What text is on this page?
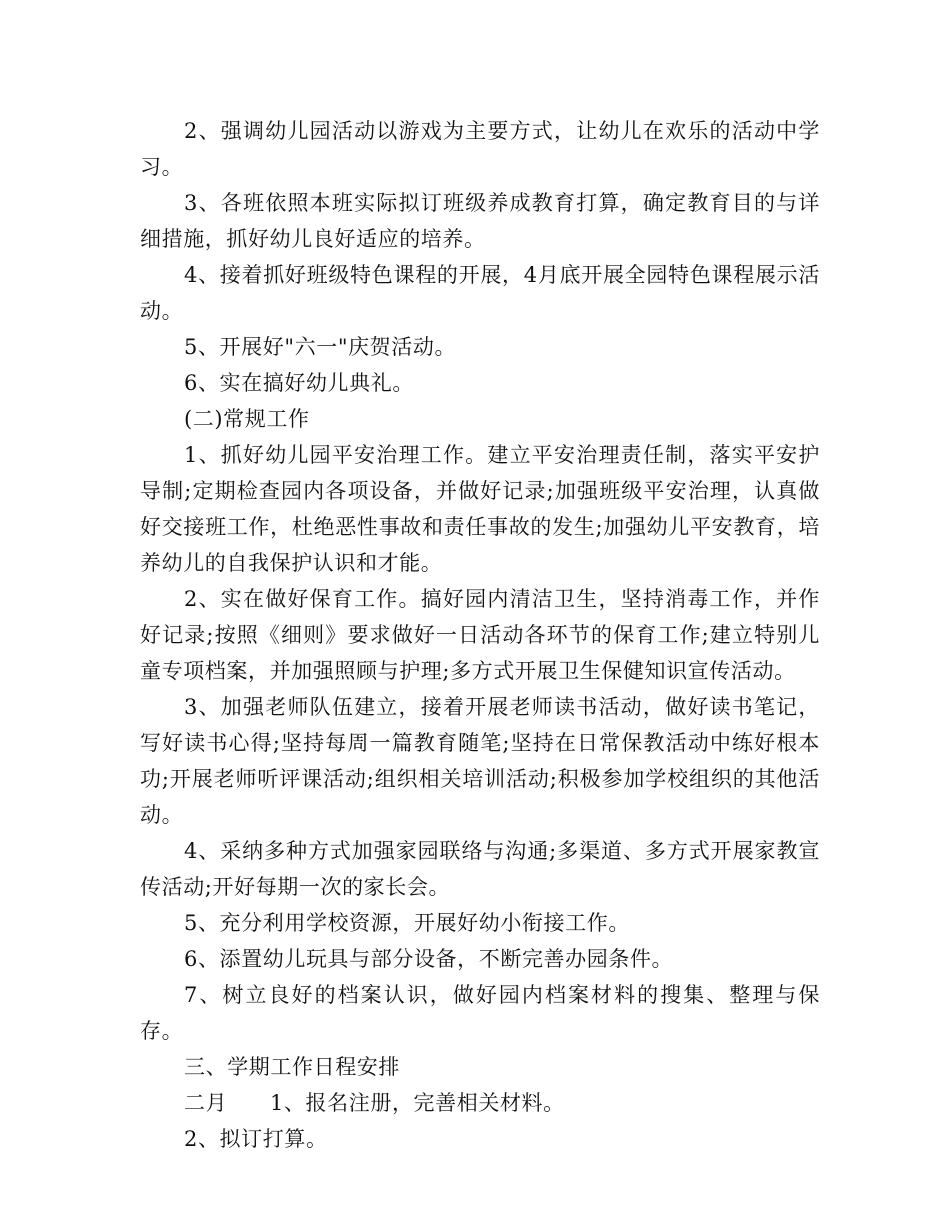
2、强调幼儿园活动以游戏为主要方式，让幼儿在欢乐的活动中学习。

3、各班依照本班实际拟订班级养成教育打算，确定教育目的与详细措施，抓好幼儿良好适应的培养。

4、接着抓好班级特色课程的开展，4月底开展全园特色课程展示活动。

5、开展好"六一"庆贺活动。

6、实在搞好幼儿典礼。

(二)常规工作

1、抓好幼儿园平安治理工作。建立平安治理责任制，落实平安护导制;定期检查园内各项设备，并做好记录;加强班级平安治理，认真做好交接班工作，杜绝恶性事故和责任事故的发生;加强幼儿平安教育，培养幼儿的自我保护认识和才能。

2、实在做好保育工作。搞好园内清洁卫生，坚持消毒工作，并作好记录;按照《细则》要求做好一日活动各环节的保育工作;建立特别儿童专项档案，并加强照顾与护理;多方式开展卫生保健知识宣传活动。

3、加强老师队伍建立，接着开展老师读书活动，做好读书笔记，写好读书心得;坚持每周一篇教育随笔;坚持在日常保教活动中练好根本功;开展老师听评课活动;组织相关培训活动;积极参加学校组织的其他活动。

4、采纳多种方式加强家园联络与沟通;多渠道、多方式开展家教宣传活动;开好每期一次的家长会。

5、充分利用学校资源，开展好幼小衔接工作。

6、添置幼儿玩具与部分设备，不断完善办园条件。

7、树立良好的档案认识，做好园内档案材料的搜集、整理与保存。

三、学期工作日程安排

二月 1、报名注册，完善相关材料。

2、拟订打算。
